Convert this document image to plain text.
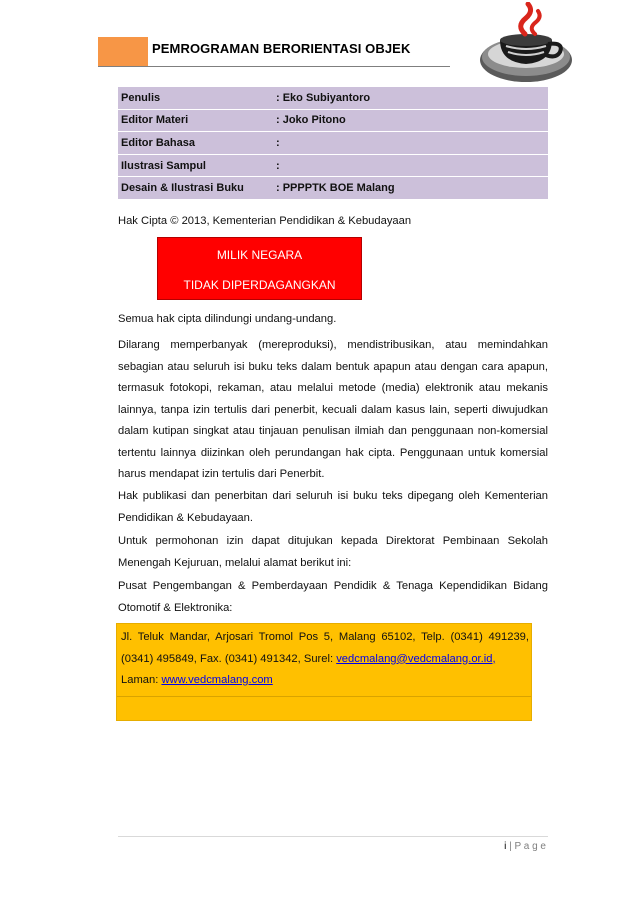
PEMROGRAMAN BERORIENTASI OBJEK
Penulis	: Eko Subiyantoro
Editor Materi	: Joko Pitono
Editor Bahasa	:
Ilustrasi Sampul	:
Desain & Ilustrasi Buku	: PPPPTK BOE Malang
Hak Cipta © 2013, Kementerian Pendidikan & Kebudayaan
MILIK NEGARA
TIDAK DIPERDAGANGKAN
Semua hak cipta dilindungi undang-undang.
Dilarang memperbanyak (mereproduksi), mendistribusikan, atau memindahkan sebagian atau seluruh isi buku teks dalam bentuk apapun atau dengan cara apapun, termasuk fotokopi, rekaman, atau melalui metode (media) elektronik atau mekanis lainnya, tanpa izin tertulis dari penerbit, kecuali dalam kasus lain, seperti diwujudkan dalam kutipan singkat atau tinjauan penulisan ilmiah dan penggunaan non-komersial tertentu lainnya diizinkan oleh perundangan hak cipta. Penggunaan untuk komersial harus mendapat izin tertulis dari Penerbit.
Hak publikasi dan penerbitan dari seluruh isi buku teks dipegang oleh Kementerian Pendidikan & Kebudayaan.
Untuk permohonan izin dapat ditujukan kepada Direktorat Pembinaan Sekolah Menengah Kejuruan, melalui alamat berikut ini:
Pusat Pengembangan & Pemberdayaan Pendidik & Tenaga Kependidikan Bidang Otomotif & Elektronika:
Jl. Teluk Mandar, Arjosari Tromol Pos 5, Malang 65102, Telp. (0341) 491239, (0341) 495849, Fax. (0341) 491342, Surel: vedcmalang@vedcmalang.or.id,
Laman: www.vedcmalang.com
i | P a g e
